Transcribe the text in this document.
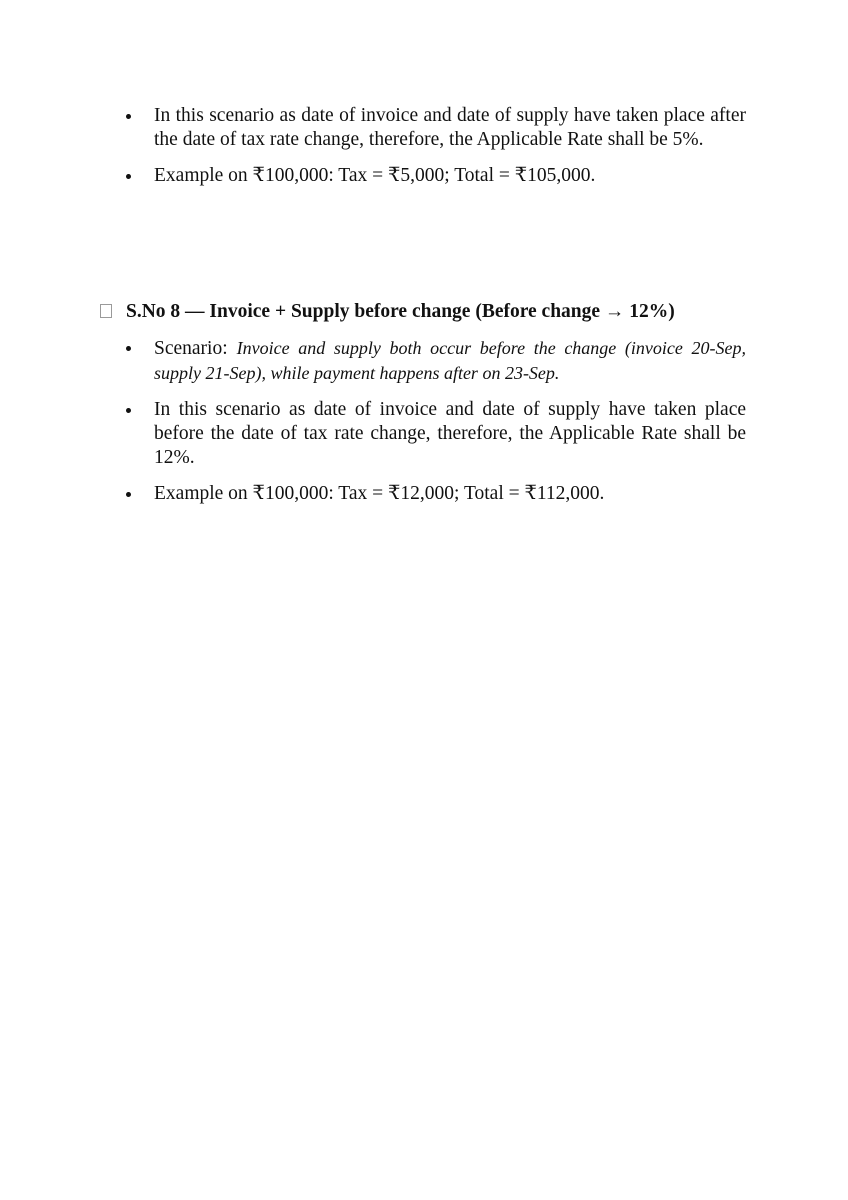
In this scenario as date of invoice and date of supply have taken place after the date of tax rate change, therefore, the Applicable Rate shall be 5%.
Example on ₹100,000: Tax = ₹5,000; Total = ₹105,000.
S.No 8 — Invoice + Supply before change (Before change → 12%)
Scenario: Invoice and supply both occur before the change (invoice 20-Sep, supply 21-Sep), while payment happens after on 23-Sep.
In this scenario as date of invoice and date of supply have taken place before the date of tax rate change, therefore, the Applicable Rate shall be 12%.
Example on ₹100,000: Tax = ₹12,000; Total = ₹112,000.
